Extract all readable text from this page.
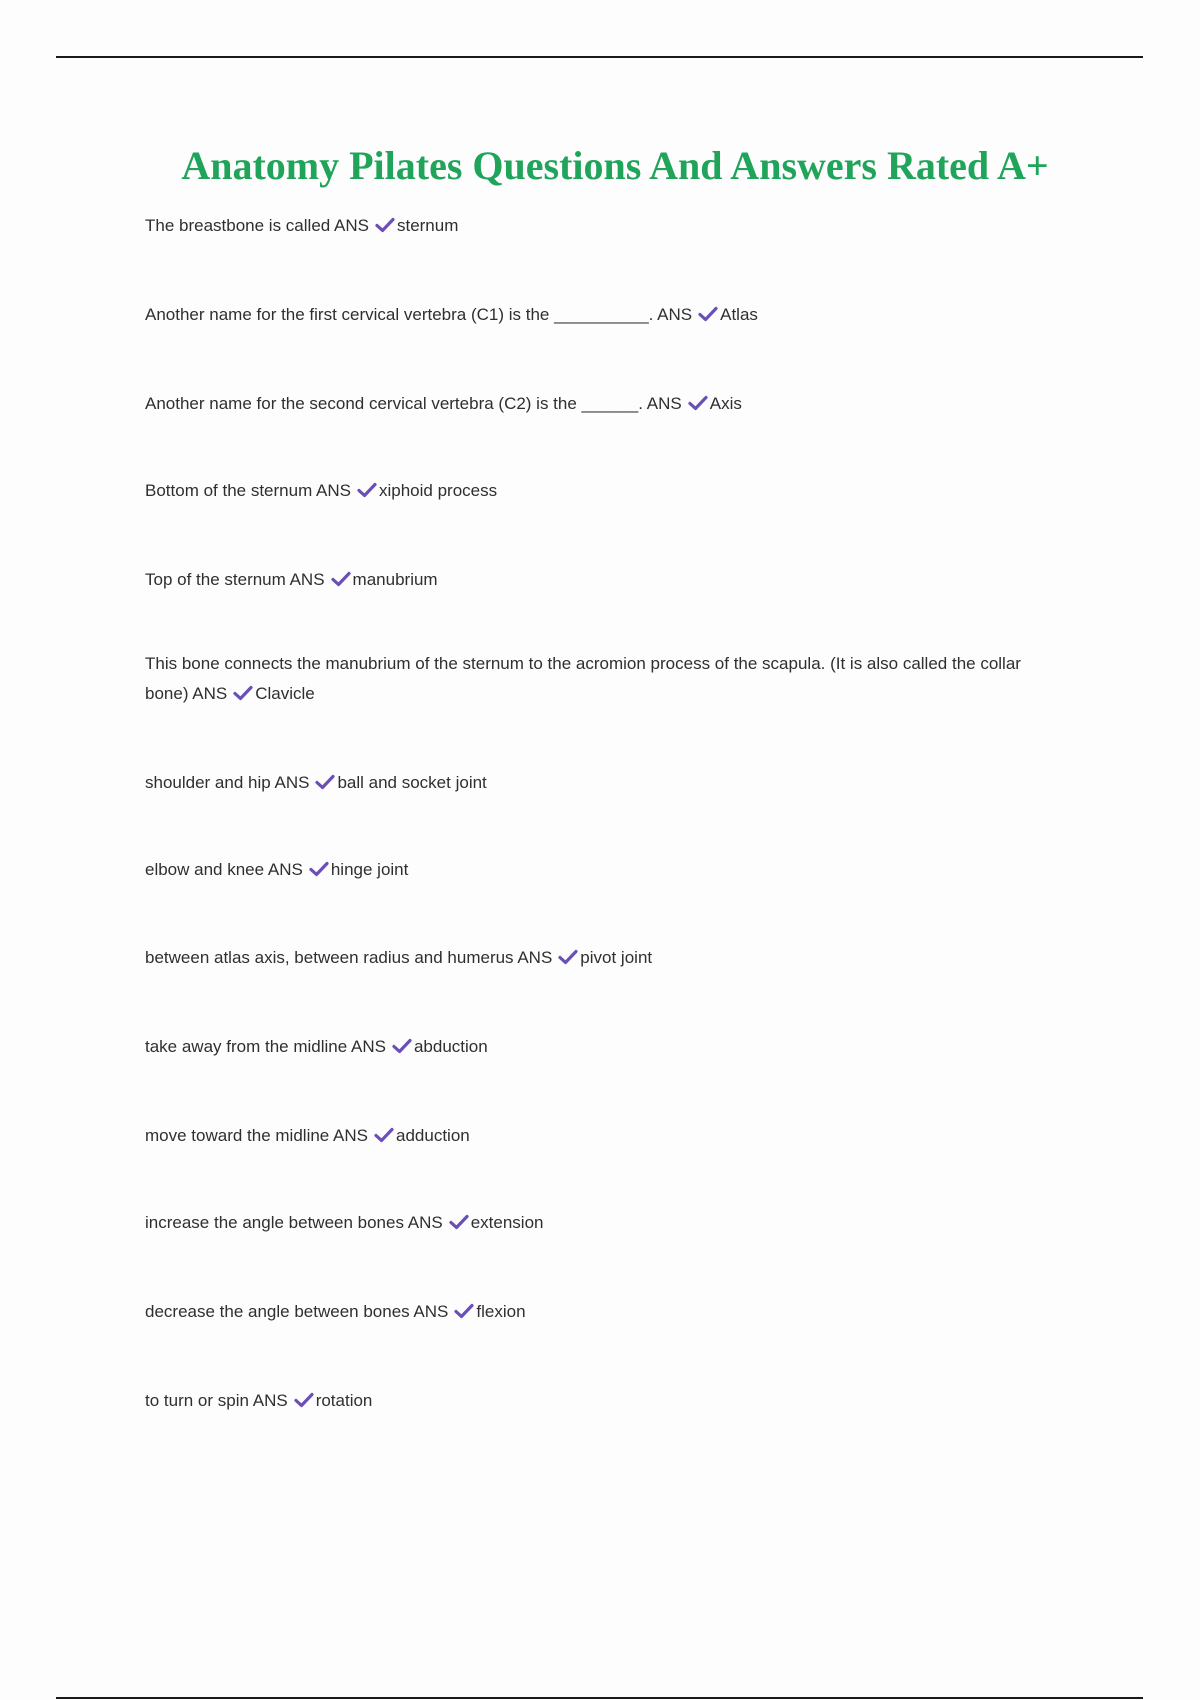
Anatomy Pilates Questions And Answers Rated A+
The breastbone is called ANS sternum
Another name for the first cervical vertebra (C1) is the __________. ANS Atlas
Another name for the second cervical vertebra (C2) is the ______. ANS Axis
Bottom of the sternum ANS xiphoid process
Top of the sternum ANS manubrium
This bone connects the manubrium of the sternum to the acromion process of the scapula. (It is also called the collar bone) ANS Clavicle
shoulder and hip ANS ball and socket joint
elbow and knee ANS hinge joint
between atlas axis, between radius and humerus ANS pivot joint
take away from the midline ANS abduction
move toward the midline ANS adduction
increase the angle between bones ANS extension
decrease the angle between bones ANS flexion
to turn or spin ANS rotation
